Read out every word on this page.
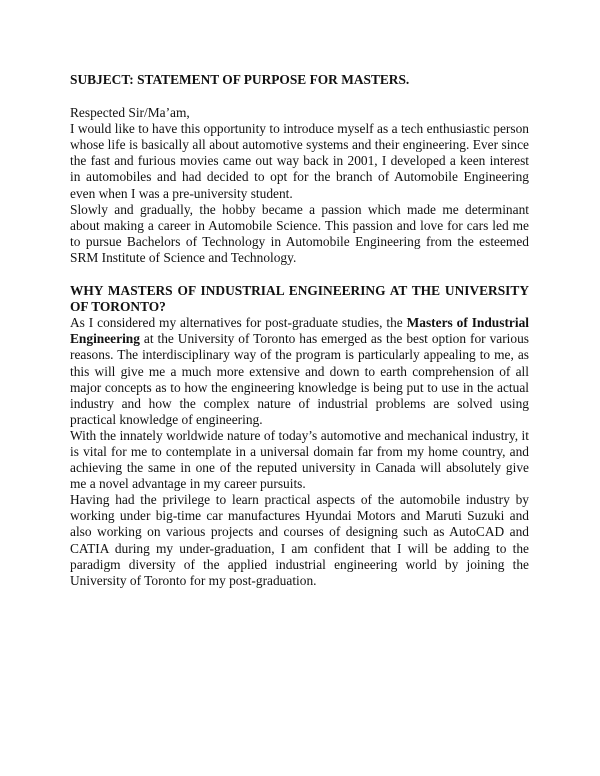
SUBJECT: STATEMENT OF PURPOSE FOR MASTERS.

Respected Sir/Ma’am,

I would like to have this opportunity to introduce myself as a tech enthusiastic person whose life is basically all about automotive systems and their engineering. Ever since the fast and furious movies came out way back in 2001, I developed a keen interest in automobiles and had decided to opt for the branch of Automobile Engineering even when I was a pre-university student.

Slowly and gradually, the hobby became a passion which made me determinant about making a career in Automobile Science. This passion and love for cars led me to pursue Bachelors of Technology in Automobile Engineering from the esteemed SRM Institute of Science and Technology.

WHY MASTERS OF INDUSTRIAL ENGINEERING AT THE UNIVERSITY OF TORONTO?

As I considered my alternatives for post-graduate studies, the Masters of Industrial Engineering at the University of Toronto has emerged as the best option for various reasons. The interdisciplinary way of the program is particularly appealing to me, as this will give me a much more extensive and down to earth comprehension of all major concepts as to how the engineering knowledge is being put to use in the actual industry and how the complex nature of industrial problems are solved using practical knowledge of engineering.

With the innately worldwide nature of today’s automotive and mechanical industry, it is vital for me to contemplate in a universal domain far from my home country, and achieving the same in one of the reputed university in Canada will absolutely give me a novel advantage in my career pursuits.

Having had the privilege to learn practical aspects of the automobile industry by working under big-time car manufactures Hyundai Motors and Maruti Suzuki and also working on various projects and courses of designing such as AutoCAD and CATIA during my under-graduation, I am confident that I will be adding to the paradigm diversity of the applied industrial engineering world by joining the University of Toronto for my post-graduation.
